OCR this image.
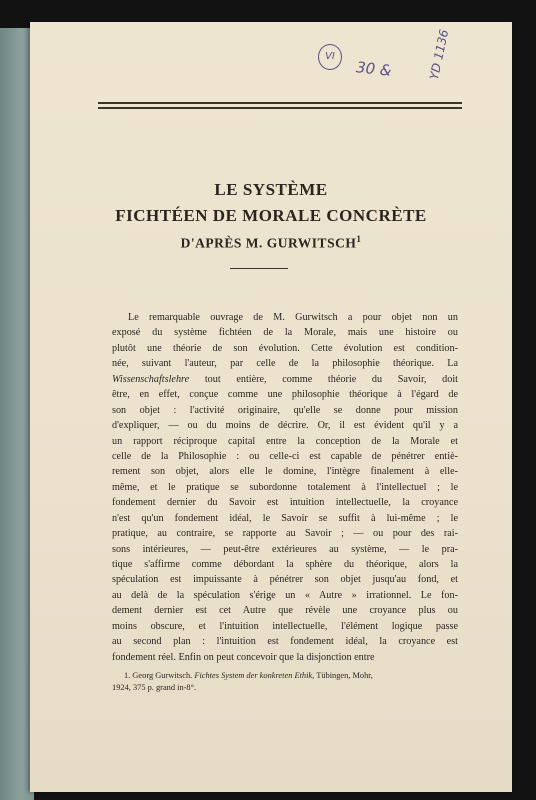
VI
30 &	YD 1136
LE SYSTÈME
FICHTÉEN DE MORALE CONCRÈTE
D'APRÈS M. GURWITSCH$^1$
Le remarquable ouvrage de M. Gurwitsch a pour objet non un
exposé du système fichtéen de la Morale, mais une histoire ou
plutôt une théorie de son évolution. Cette évolution est condition-
née, suivant l'auteur, par celle de la philosophie théorique. La
Wissenschaftslehre tout entière, comme théorie du Savoir, doit
être, en effet, conçue comme une philosophie théorique à l'égard de
son objet : l'activité originaire, qu'elle se donne pour mission
d'expliquer, — ou du moins de décrire. Or, il est évident qu'il y a
un rapport réciproque capital entre la conception de la Morale et
celle de la Philosophie : ou celle-ci est capable de pénétrer entiè-
rement son objet, alors elle le domine, l'intègre finalement à elle-
même, et le pratique se subordonne totalement à l'intellectuel ; le
fondement dernier du Savoir est intuition intellectuelle, la croyance
n'est qu'un fondement idéal, le Savoir se suffit à lui-même ; le
pratique, au contraire, se rapporte au Savoir ; — ou pour des rai-
sons intérieures, — peut-être extérieures au système, — le pra-
tique s'affirme comme débordant la sphère du théorique, alors la
spéculation est impuissante à pénétrer son objet jusqu'au fond, et
au delà de la spéculation s'érige un « Autre » irrationnel. Le fon-
dement dernier est cet Autre que révèle une croyance plus ou
moins obscure, et l'intuition intellectuelle, l'élément logique passe
au second plan : l'intuition est fondement idéal, la croyance est
fondement réel. Enfin on peut concevoir que la disjonction entre
1. Georg Gurwitsch. Fichtes System der konkreten Ethik, Tübingen, Mohr,
1924, 375 p. grand in-8°.
